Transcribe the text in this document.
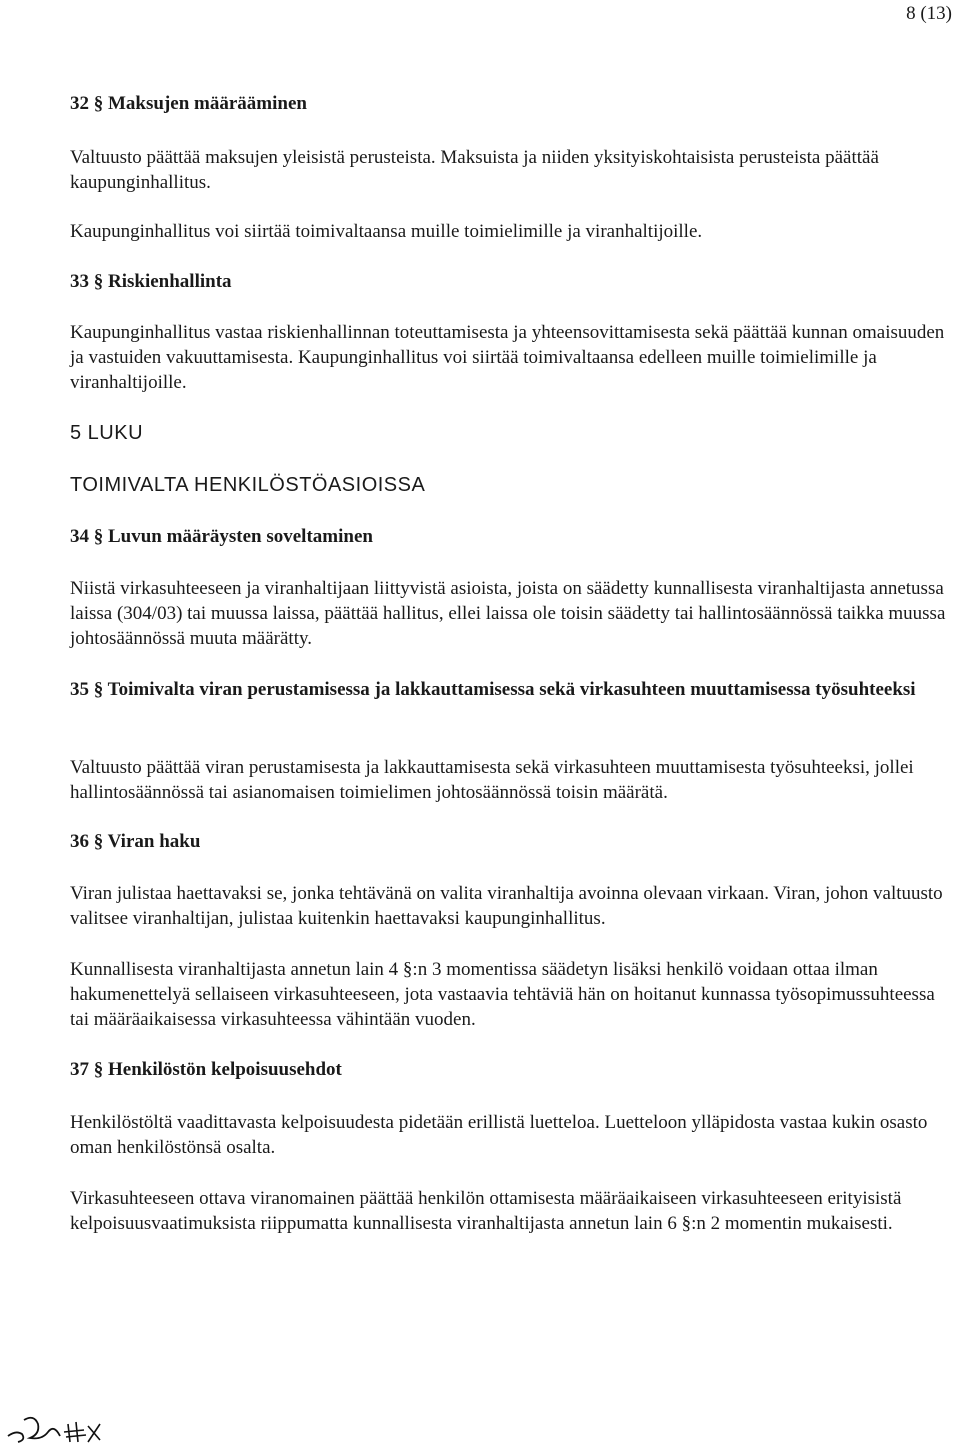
8 (13)
32 § Maksujen määrääminen

Valtuusto päättää maksujen yleisistä perusteista. Maksuista ja niiden yksityiskohtaisista perusteista päättää kaupunginhallitus.

Kaupunginhallitus voi siirtää toimivaltaansa muille toimielimille ja viranhaltijoille.

33 § Riskienhallinta

Kaupunginhallitus vastaa riskienhallinnan toteuttamisesta ja yhteensovittamisesta sekä päättää kunnan omaisuuden ja vastuiden vakuuttamisesta. Kaupunginhallitus voi siirtää toimivaltaansa edelleen muille toimielimille ja viranhaltijoille.

5 LUKU
TOIMIVALTA HENKILÖSTÖASIOISSA
34 § Luvun määräysten soveltaminen

Niistä virkasuhteeseen ja viranhaltijaan liittyvistä asioista, joista on säädetty kunnallisesta viranhaltijasta annetussa laissa (304/03) tai muussa laissa, päättää hallitus, ellei laissa ole toisin säädetty tai hallintosäännössä taikka muussa johtosäännössä muuta määrätty.

35 § Toimivalta viran perustamisessa ja lakkauttamisessa sekä virkasuhteen muuttamisessa työsuhteeksi

Valtuusto päättää viran perustamisesta ja lakkauttamisesta sekä virkasuhteen muuttamisesta työsuhteeksi, jollei hallintosäännössä tai asianomaisen toimielimen johtosäännössä toisin määrätä.

36 § Viran haku

Viran julistaa haettavaksi se, jonka tehtävänä on valita viranhaltija avoinna olevaan virkaan. Viran, johon valtuusto valitsee viranhaltijan, julistaa kuitenkin haettavaksi kaupunginhallitus.

Kunnallisesta viranhaltijasta annetun lain 4 §:n 3 momentissa säädetyn lisäksi henkilö voidaan ottaa ilman hakumenettelyä sellaiseen virkasuhteeseen, jota vastaavia tehtäviä hän on hoitanut kunnassa työsopimussuhteessa tai määräaikaisessa virkasuhteessa vähintään vuoden.

37 § Henkilöstön kelpoisuusehdot

Henkilöstöltä vaadittavasta kelpoisuudesta pidetään erillistä luetteloa. Luetteloon ylläpidosta vastaa kukin osasto oman henkilöstönsä osalta.

Virkasuhteeseen ottava viranomainen päättää henkilön ottamisesta määräaikaiseen virkasuhteeseen erityisistä kelpoisuusvaatimuksista riippumatta kunnallisesta viranhaltijasta annetun lain 6 §:n 2 momentin mukaisesti.
